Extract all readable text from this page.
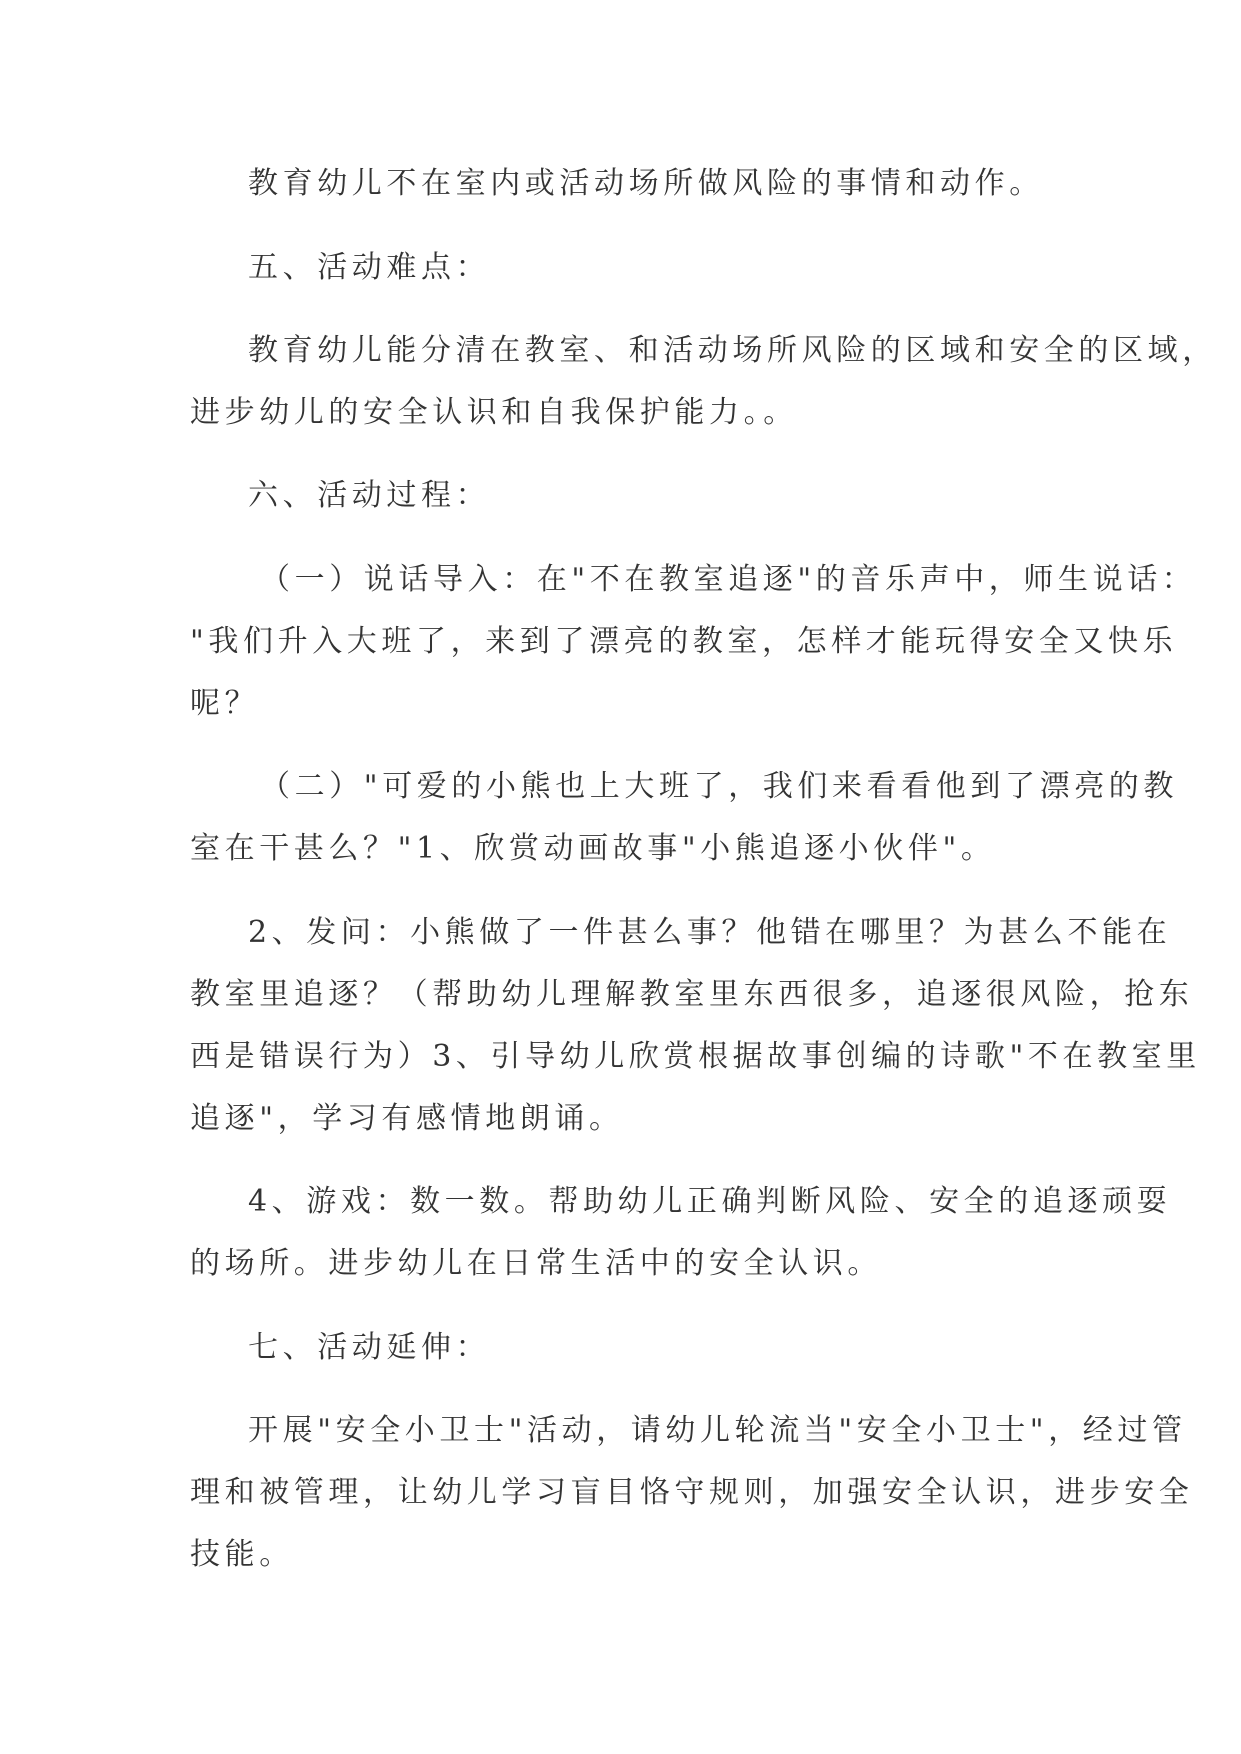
教育幼儿不在室内或活动场所做风险的事情和动作。
五、活动难点：
教育幼儿能分清在教室、和活动场所风险的区域和安全的区域，
进步幼儿的安全认识和自我保护能力。。
六、活动过程：
（一）说话导入：在"不在教室追逐"的音乐声中，师生说话：
"我们升入大班了，来到了漂亮的教室，怎样才能玩得安全又快乐
呢？
（二）"可爱的小熊也上大班了，我们来看看他到了漂亮的教
室在干甚么？"1、欣赏动画故事"小熊追逐小伙伴"。
2、发问：小熊做了一件甚么事？他错在哪里？为甚么不能在
教室里追逐？（帮助幼儿理解教室里东西很多，追逐很风险，抢东
西是错误行为）3、引导幼儿欣赏根据故事创编的诗歌"不在教室里
追逐"，学习有感情地朗诵。
4、游戏：数一数。帮助幼儿正确判断风险、安全的追逐顽耍
的场所。进步幼儿在日常生活中的安全认识。
七、活动延伸：
开展"安全小卫士"活动，请幼儿轮流当"安全小卫士"，经过管
理和被管理，让幼儿学习盲目恪守规则，加强安全认识，进步安全
技能。
